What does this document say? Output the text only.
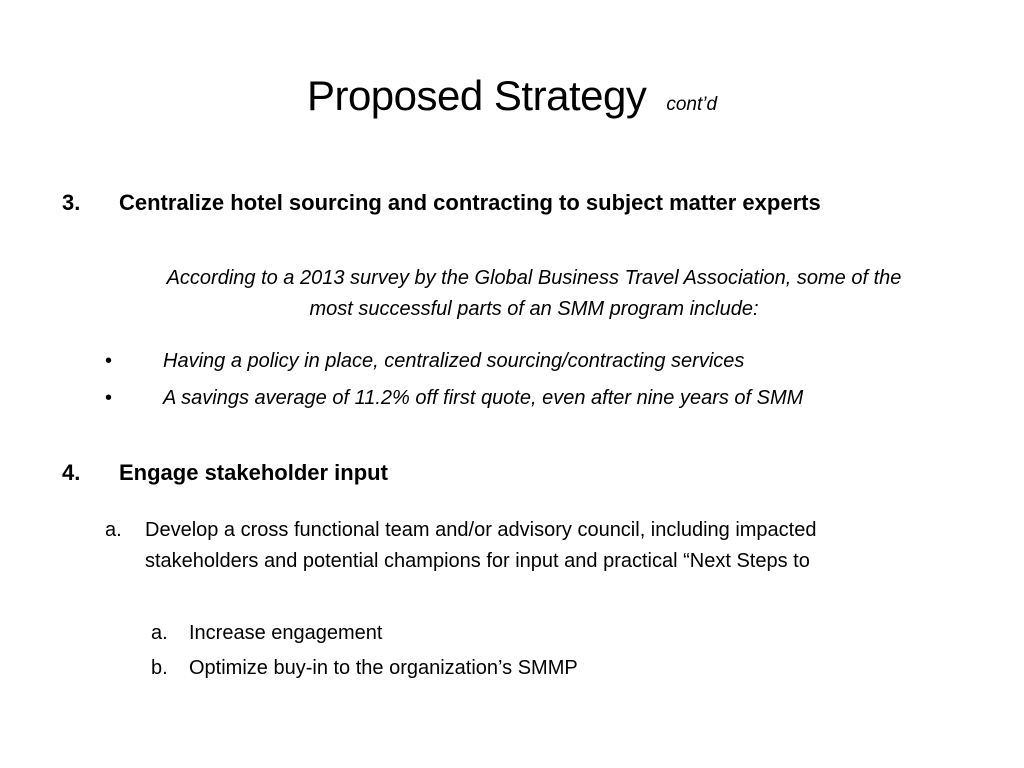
Proposed Strategy cont’d
3. Centralize hotel sourcing and contracting to subject matter experts
According to a 2013 survey by the Global Business Travel Association, some of the
most successful parts of an SMM program include:
•	Having a policy in place, centralized sourcing/contracting services
•	A savings average of 11.2% off first quote, even after nine years of SMM
4. Engage stakeholder input
a. Develop a cross functional team and/or advisory council, including impacted
stakeholders and potential champions for input and practical “Next Steps to
a. Increase engagement
b. Optimize buy-in to the organization’s SMMP
